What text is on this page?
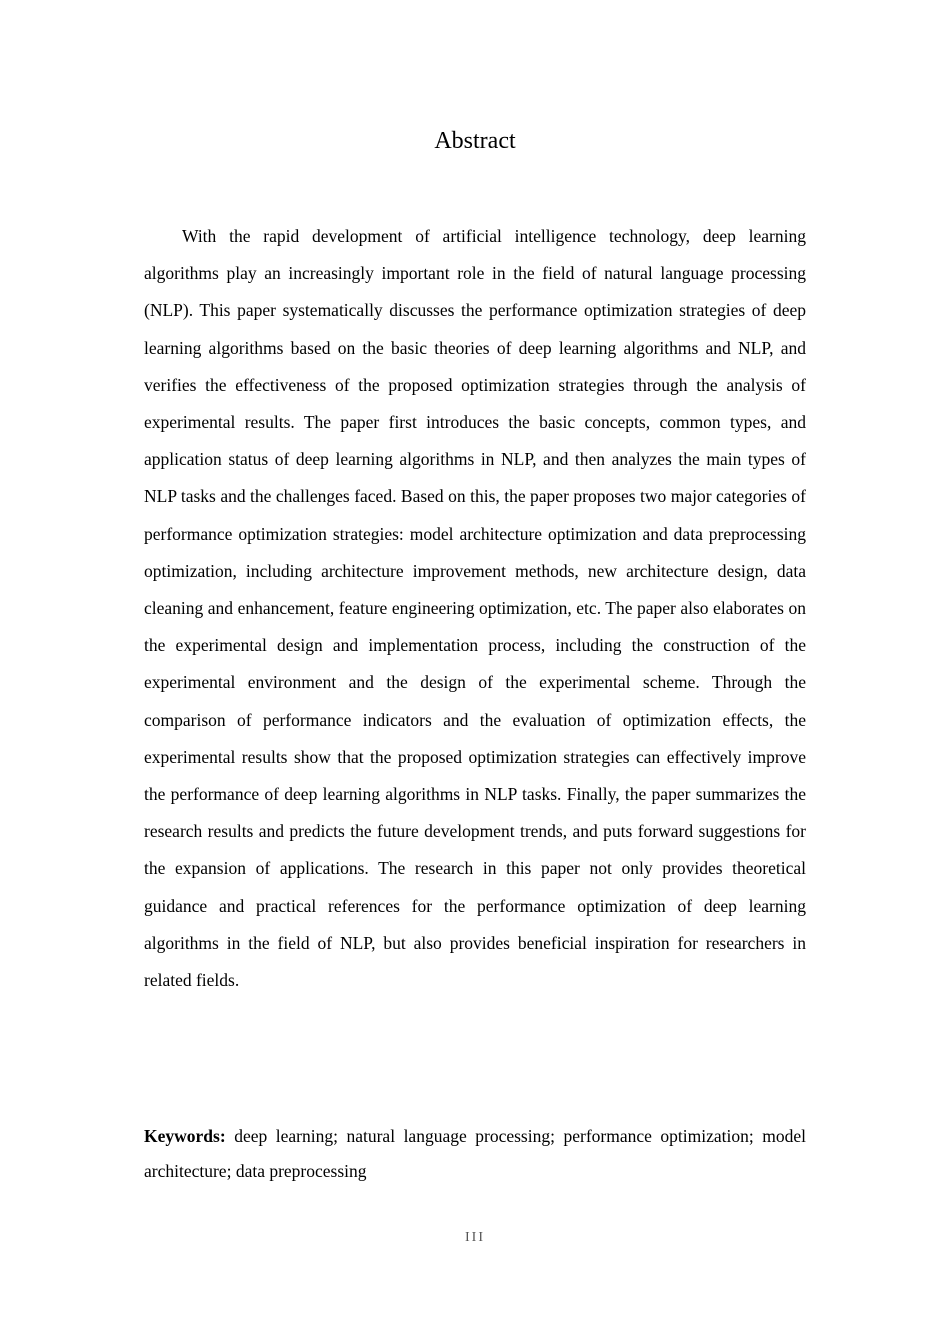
Abstract

With the rapid development of artificial intelligence technology, deep learning algorithms play an increasingly important role in the field of natural language processing (NLP). This paper systematically discusses the performance optimization strategies of deep learning algorithms based on the basic theories of deep learning algorithms and NLP, and verifies the effectiveness of the proposed optimization strategies through the analysis of experimental results. The paper first introduces the basic concepts, common types, and application status of deep learning algorithms in NLP, and then analyzes the main types of NLP tasks and the challenges faced. Based on this, the paper proposes two major categories of performance optimization strategies: model architecture optimization and data preprocessing optimization, including architecture improvement methods, new architecture design, data cleaning and enhancement, feature engineering optimization, etc. The paper also elaborates on the experimental design and implementation process, including the construction of the experimental environment and the design of the experimental scheme. Through the comparison of performance indicators and the evaluation of optimization effects, the experimental results show that the proposed optimization strategies can effectively improve the performance of deep learning algorithms in NLP tasks. Finally, the paper summarizes the research results and predicts the future development trends, and puts forward suggestions for the expansion of applications. The research in this paper not only provides theoretical guidance and practical references for the performance optimization of deep learning algorithms in the field of NLP, but also provides beneficial inspiration for researchers in related fields.

Keywords: deep learning; natural language processing; performance optimization; model architecture; data preprocessing

III
